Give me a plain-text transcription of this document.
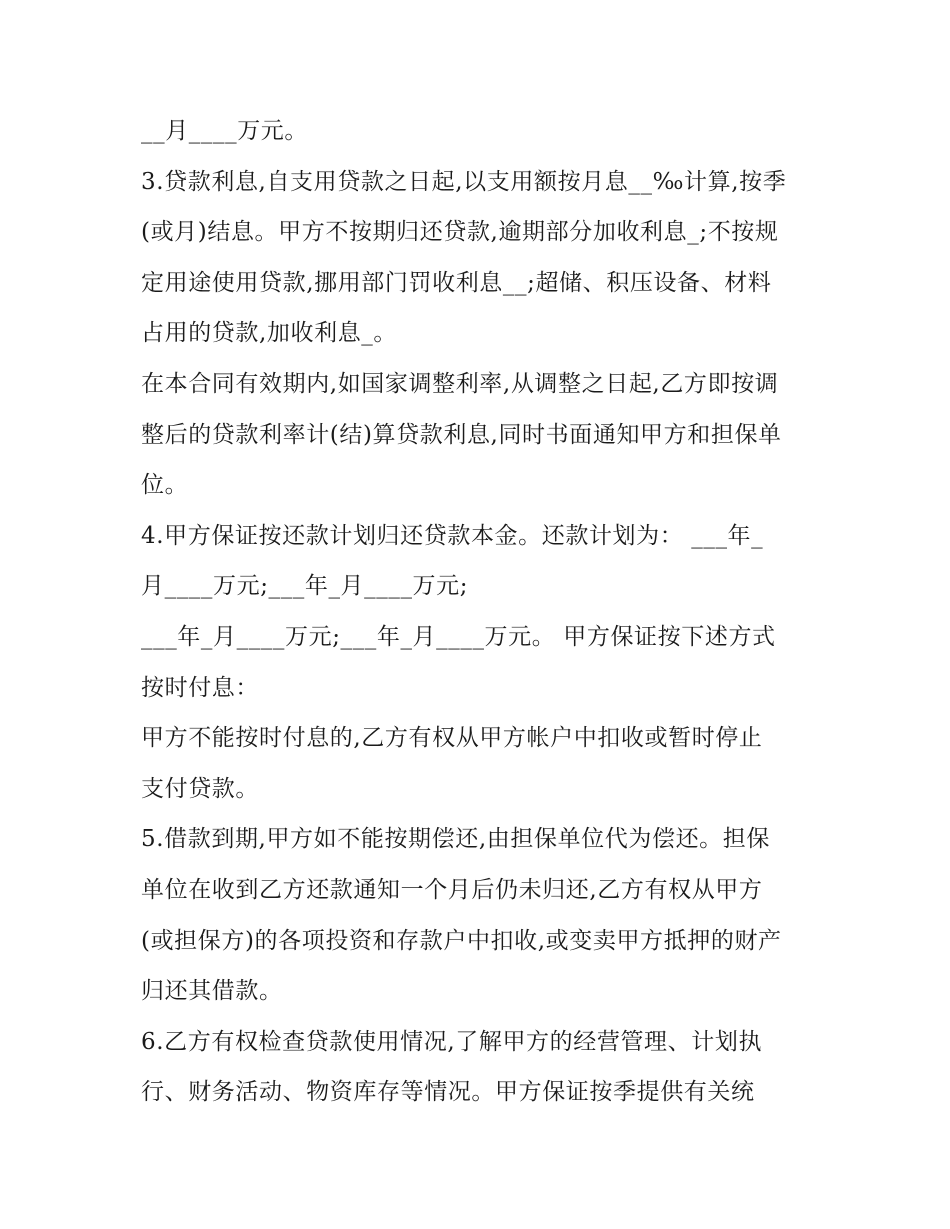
__月____万元。
3.贷款利息,自支用贷款之日起,以支用额按月息__‰计算,按季
(或月)结息。甲方不按期归还贷款,逾期部分加收利息_;不按规
定用途使用贷款,挪用部门罚收利息__;超储、积压设备、材料
占用的贷款,加收利息_。
在本合同有效期内,如国家调整利率,从调整之日起,乙方即按调
整后的贷款利率计(结)算贷款利息,同时书面通知甲方和担保单
位。
4.甲方保证按还款计划归还贷款本金。还款计划为： ___年_
月____万元;___年_月____万元;
___年_月____万元;___年_月____万元。 甲方保证按下述方式
按时付息：
甲方不能按时付息的,乙方有权从甲方帐户中扣收或暂时停止
支付贷款。
5.借款到期,甲方如不能按期偿还,由担保单位代为偿还。担保
单位在收到乙方还款通知一个月后仍未归还,乙方有权从甲方
(或担保方)的各项投资和存款户中扣收,或变卖甲方抵押的财产
归还其借款。
6.乙方有权检查贷款使用情况,了解甲方的经营管理、计划执
行、财务活动、物资库存等情况。甲方保证按季提供有关统
